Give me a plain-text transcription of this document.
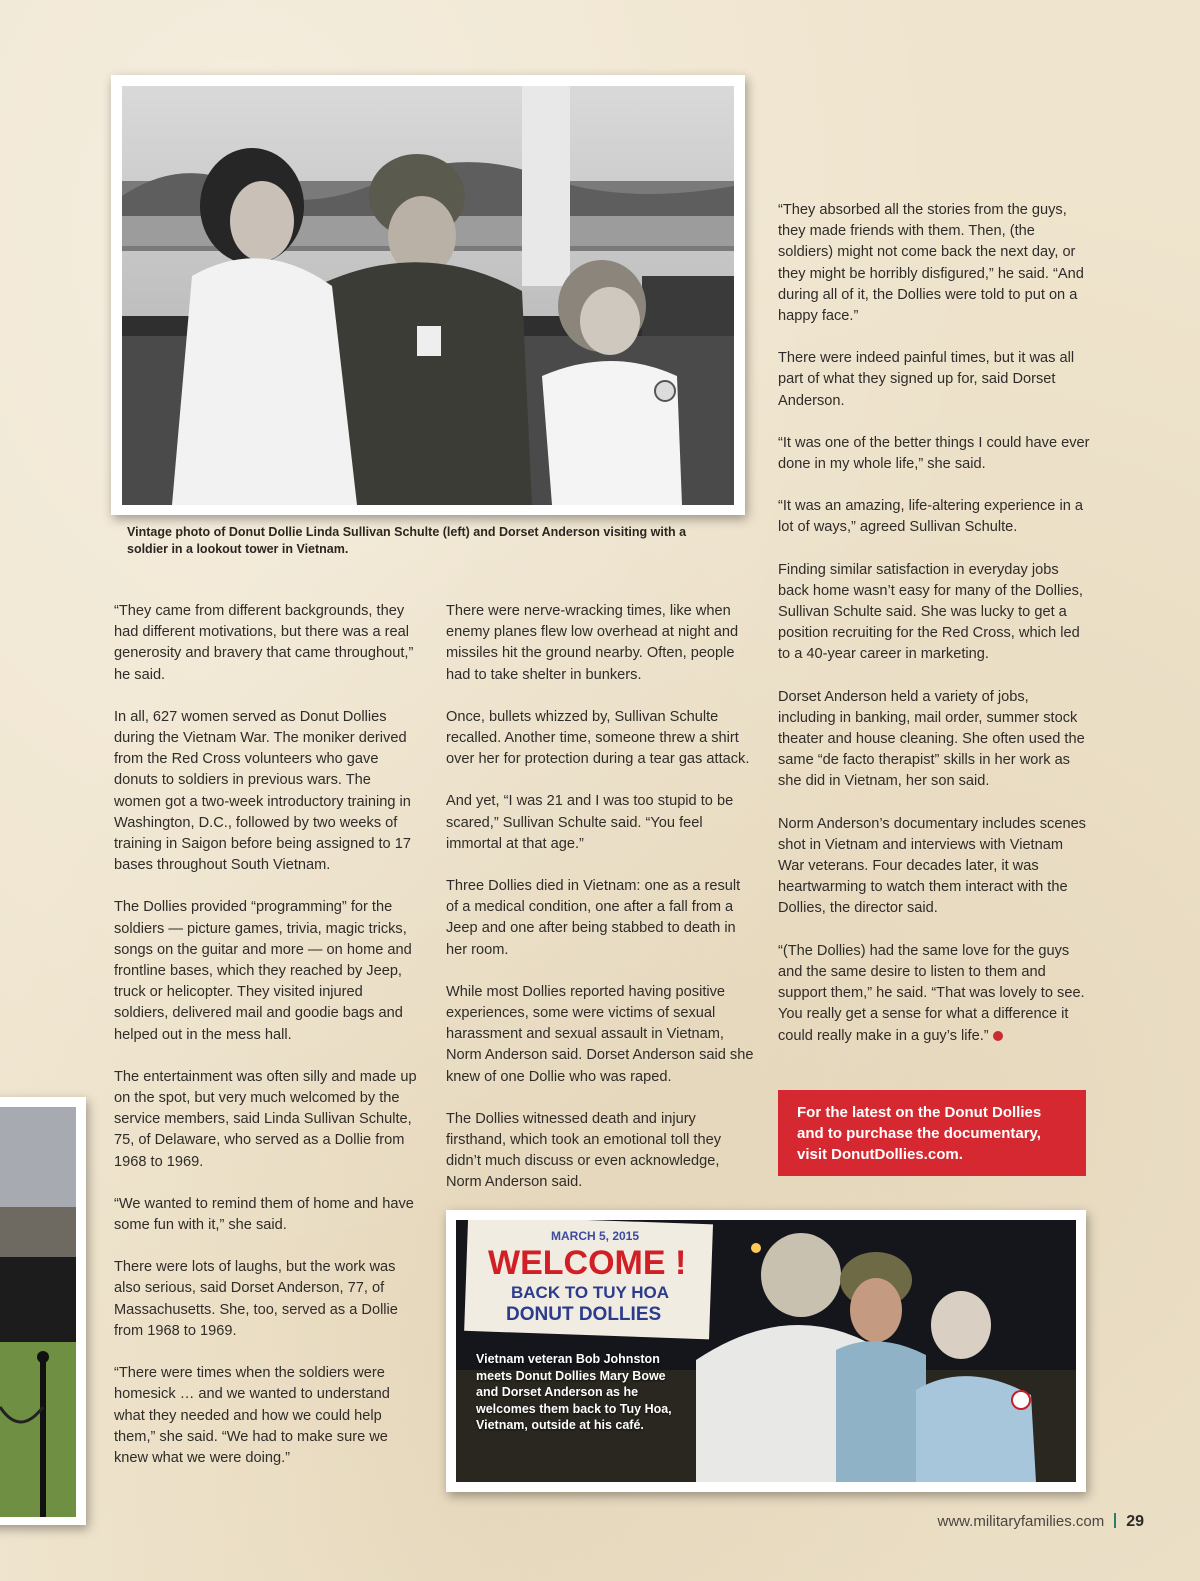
Vintage photo of Donut Dollie Linda Sullivan Schulte (left) and Dorset Anderson visiting with a soldier in a lookout tower in Vietnam.

“They came from different backgrounds, they had different motivations, but there was a real generosity and bravery that came throughout,” he said.

In all, 627 women served as Donut Dollies during the Vietnam War. The moniker derived from the Red Cross volunteers who gave donuts to soldiers in previous wars. The women got a two-week introductory training in Washington, D.C., followed by two weeks of training in Saigon before being assigned to 17 bases throughout South Vietnam.

The Dollies provided “programming” for the soldiers — picture games, trivia, magic tricks, songs on the guitar and more — on home and frontline bases, which they reached by Jeep, truck or helicopter. They visited injured soldiers, delivered mail and goodie bags and helped out in the mess hall.

The entertainment was often silly and made up on the spot, but very much welcomed by the service members, said Linda Sullivan Schulte, 75, of Delaware, who served as a Dollie from 1968 to 1969.

“We wanted to remind them of home and have some fun with it,” she said.

There were lots of laughs, but the work was also serious, said Dorset Anderson, 77, of Massachusetts. She, too, served as a Dollie from 1968 to 1969.

“There were times when the soldiers were homesick … and we wanted to understand what they needed and how we could help them,” she said. “We had to make sure we knew what we were doing.”

There were nerve-wracking times, like when enemy planes flew low overhead at night and missiles hit the ground nearby. Often, people had to take shelter in bunkers.

Once, bullets whizzed by, Sullivan Schulte recalled. Another time, someone threw a shirt over her for protection during a tear gas attack.

And yet, “I was 21 and I was too stupid to be scared,” Sullivan Schulte said. “You feel immortal at that age.”

Three Dollies died in Vietnam: one as a result of a medical condition, one after a fall from a Jeep and one after being stabbed to death in her room.

While most Dollies reported having positive experiences, some were victims of sexual harassment and sexual assault in Vietnam, Norm Anderson said. Dorset Anderson said she knew of one Dollie who was raped.

The Dollies witnessed death and injury firsthand, which took an emotional toll they didn’t much discuss or even acknowledge, Norm Anderson said.

“They absorbed all the stories from the guys, they made friends with them. Then, (the soldiers) might not come back the next day, or they might be horribly disfigured,” he said. “And during all of it, the Dollies were told to put on a happy face.”

There were indeed painful times, but it was all part of what they signed up for, said Dorset Anderson.

“It was one of the better things I could have ever done in my whole life,” she said.

“It was an amazing, life-altering experience in a lot of ways,” agreed Sullivan Schulte.

Finding similar satisfaction in everyday jobs back home wasn’t easy for many of the Dollies, Sullivan Schulte said. She was lucky to get a position recruiting for the Red Cross, which led to a 40-year career in marketing.

Dorset Anderson held a variety of jobs, including in banking, mail order, summer stock theater and house cleaning. She often used the same “de facto therapist” skills in her work as she did in Vietnam, her son said.

Norm Anderson’s documentary includes scenes shot in Vietnam and interviews with Vietnam War veterans. Four decades later, it was heartwarming to watch them interact with the Dollies, the director said.

“(The Dollies) had the same love for the guys and the same desire to listen to them and support them,” he said. “That was lovely to see. You really get a sense for what a difference it could really make in a guy’s life.”

For the latest on the Donut Dollies and to purchase the documentary, visit DonutDollies.com.
MARCH 5, 2015
WELCOME !
BACK TO TUY HOA
DONUT DOLLIES
Vietnam veteran Bob Johnston meets Donut Dollies Mary Bowe and Dorset Anderson as he welcomes them back to Tuy Hoa, Vietnam, outside at his café.
www.militaryfamilies.com 29
